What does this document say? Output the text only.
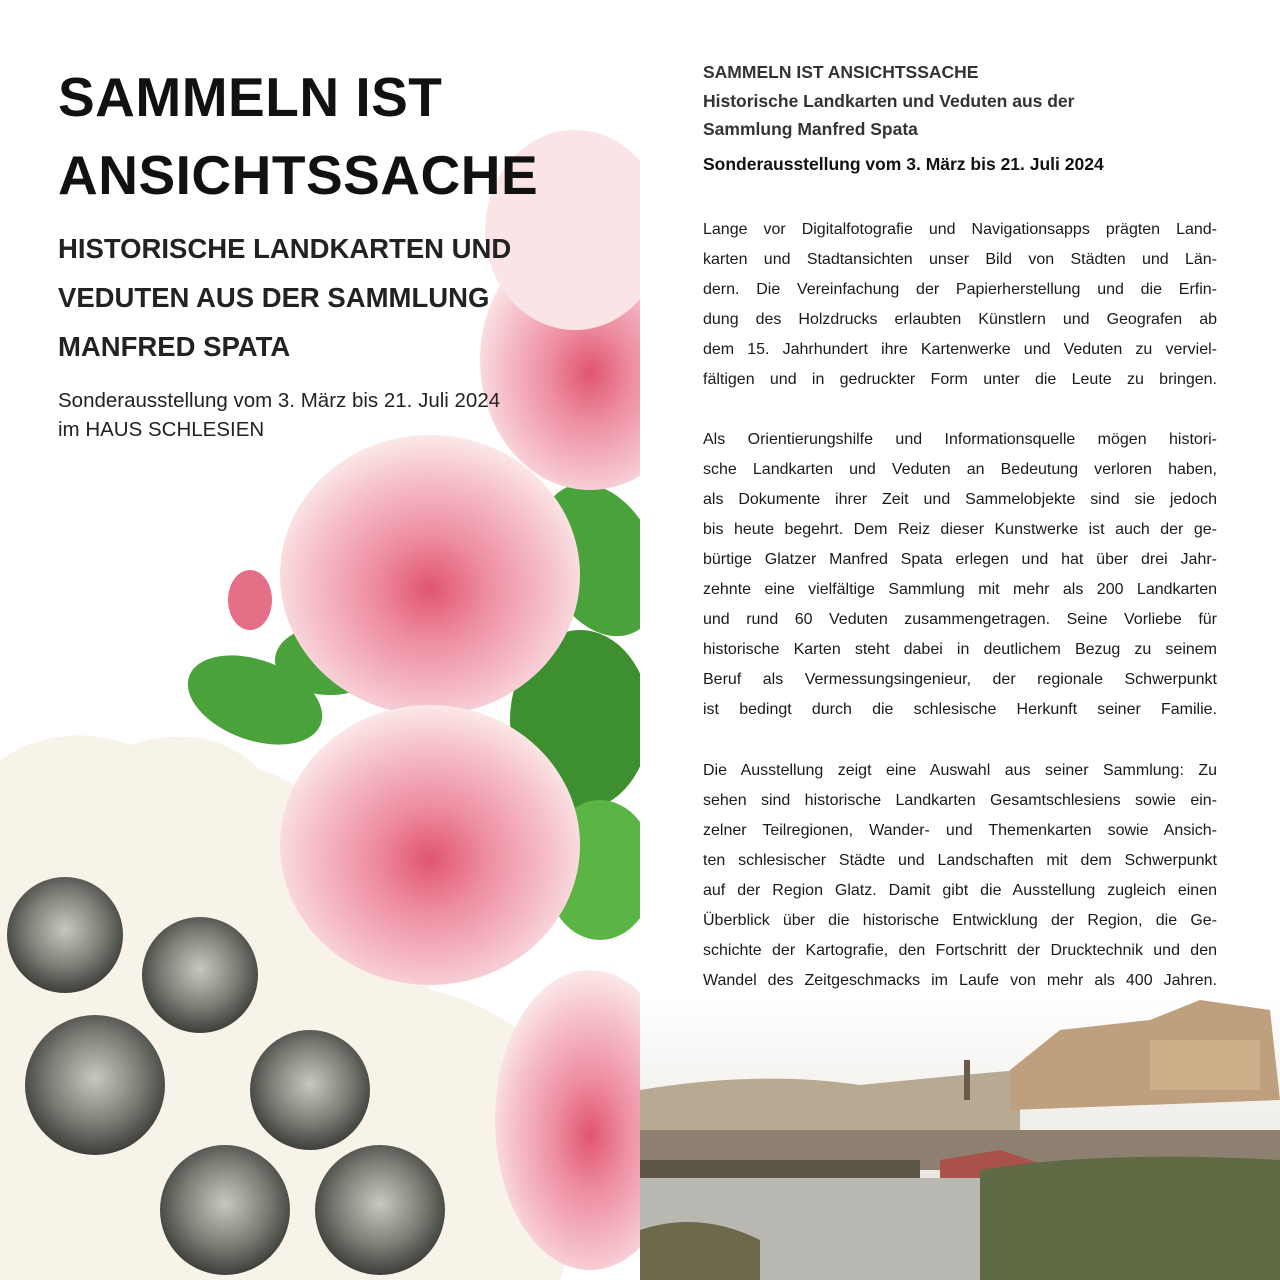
SAMMELN IST
ANSICHTSSACHE
HISTORISCHE LANDKARTEN UND
VEDUTEN AUS DER SAMMLUNG
MANFRED SPATA
Sonderausstellung vom 3. März bis 21. Juli 2024
im HAUS SCHLESIEN
SAMMELN IST ANSICHTSSACHE
Historische Landkarten und Veduten aus der
Sammlung Manfred Spata
Sonderausstellung vom 3. März bis 21. Juli 2024
Lange vor Digitalfotografie und Navigationsapps prägten Land-
karten und Stadtansichten unser Bild von Städten und Län-
dern. Die Vereinfachung der Papierherstellung und die Erfin-
dung des Holzdrucks erlaubten Künstlern und Geografen ab
dem 15. Jahrhundert ihre Kartenwerke und Veduten zu verviel-
fältigen und in gedruckter Form unter die Leute zu bringen.
Als Orientierungshilfe und Informationsquelle mögen histori-
sche Landkarten und Veduten an Bedeutung verloren haben,
als Dokumente ihrer Zeit und Sammelobjekte sind sie jedoch
bis heute begehrt. Dem Reiz dieser Kunstwerke ist auch der ge-
bürtige Glatzer Manfred Spata erlegen und hat über drei Jahr-
zehnte eine vielfältige Sammlung mit mehr als 200 Landkarten
und rund 60 Veduten zusammengetragen. Seine Vorliebe für
historische Karten steht dabei in deutlichem Bezug zu seinem
Beruf als Vermessungsingenieur, der regionale Schwerpunkt
ist bedingt durch die schlesische Herkunft seiner Familie.
Die Ausstellung zeigt eine Auswahl aus seiner Sammlung: Zu
sehen sind historische Landkarten Gesamtschlesiens sowie ein-
zelner Teilregionen, Wander- und Themenkarten sowie Ansich-
ten schlesischer Städte und Landschaften mit dem Schwerpunkt
auf der Region Glatz. Damit gibt die Ausstellung zugleich einen
Überblick über die historische Entwicklung der Region, die Ge-
schichte der Kartografie, den Fortschritt der Drucktechnik und den
Wandel des Zeitgeschmacks im Laufe von mehr als 400 Jahren.
